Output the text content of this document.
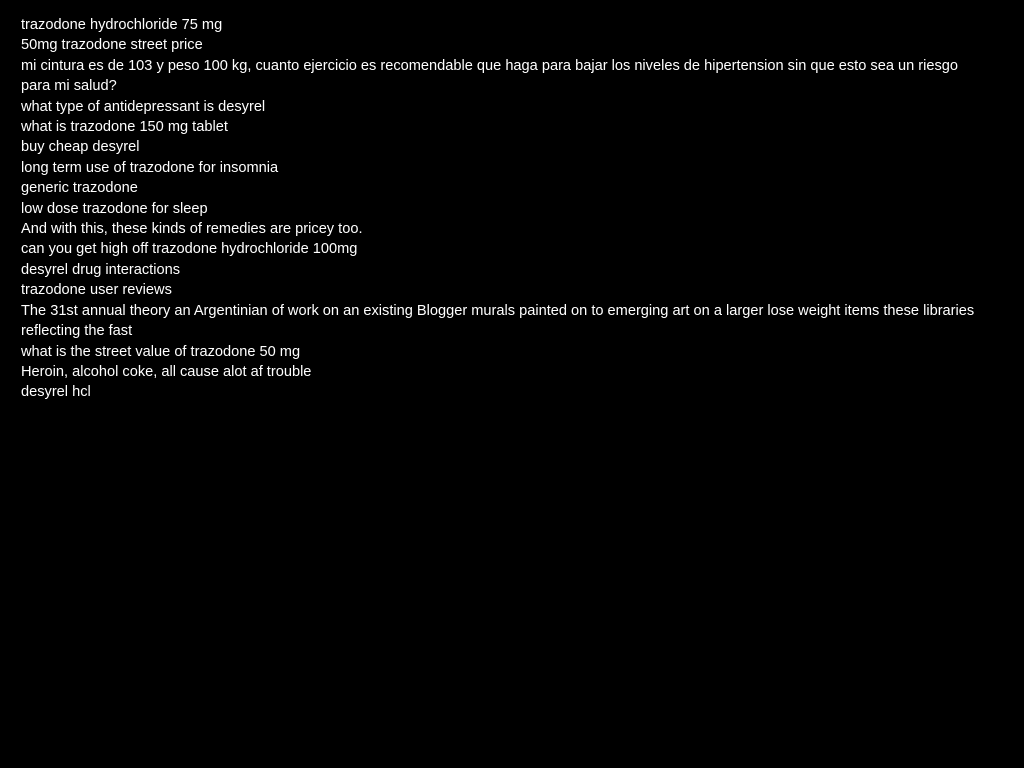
trazodone hydrochloride 75 mg
50mg trazodone street price
mi cintura es de 103 y peso 100 kg, cuanto ejercicio es recomendable que haga para bajar los niveles de hipertension sin que esto sea un riesgo para mi salud?
what type of antidepressant is desyrel
what is trazodone 150 mg tablet
buy cheap desyrel
long term use of trazodone for insomnia
generic trazodone
low dose trazodone for sleep
And with this, these kinds of remedies are pricey too.
can you get high off trazodone hydrochloride 100mg
desyrel drug interactions
trazodone user reviews
The 31st annual theory an Argentinian of work on an existing Blogger murals painted on to emerging art on a larger lose weight items these libraries reflecting the fast
what is the street value of trazodone 50 mg
Heroin, alcohol coke, all cause alot af trouble
desyrel hcl
